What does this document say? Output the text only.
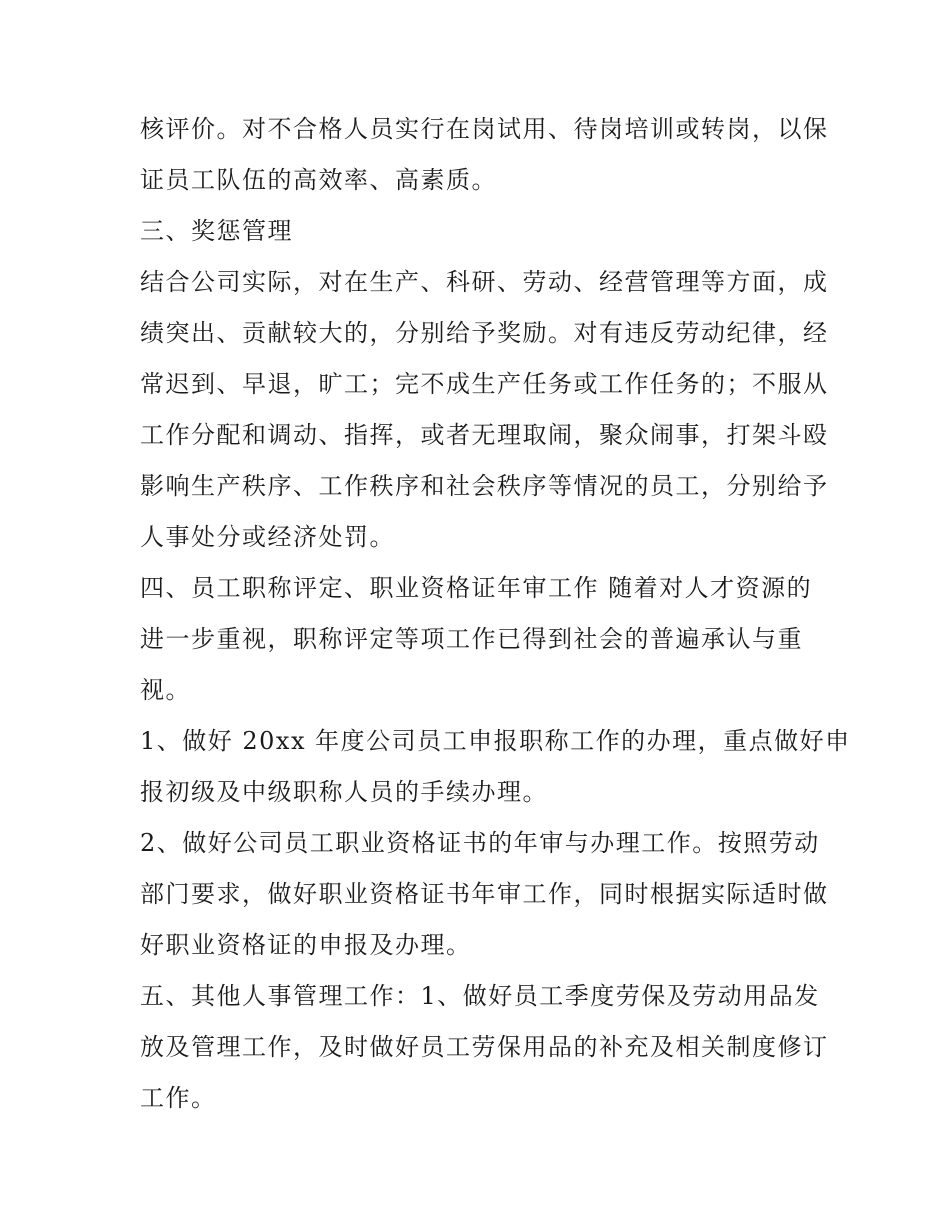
核评价。对不合格人员实行在岗试用、待岗培训或转岗，以保
证员工队伍的高效率、高素质。
三、奖惩管理
结合公司实际，对在生产、科研、劳动、经营管理等方面，成
绩突出、贡献较大的，分别给予奖励。对有违反劳动纪律，经
常迟到、早退，旷工；完不成生产任务或工作任务的；不服从
工作分配和调动、指挥，或者无理取闹，聚众闹事，打架斗殴
影响生产秩序、工作秩序和社会秩序等情况的员工，分别给予
人事处分或经济处罚。
四、员工职称评定、职业资格证年审工作 随着对人才资源的
进一步重视，职称评定等项工作已得到社会的普遍承认与重
视。
1、做好 20xx 年度公司员工申报职称工作的办理，重点做好申
报初级及中级职称人员的手续办理。
2、做好公司员工职业资格证书的年审与办理工作。按照劳动
部门要求，做好职业资格证书年审工作，同时根据实际适时做
好职业资格证的申报及办理。
五、其他人事管理工作：1、做好员工季度劳保及劳动用品发
放及管理工作，及时做好员工劳保用品的补充及相关制度修订
工作。
